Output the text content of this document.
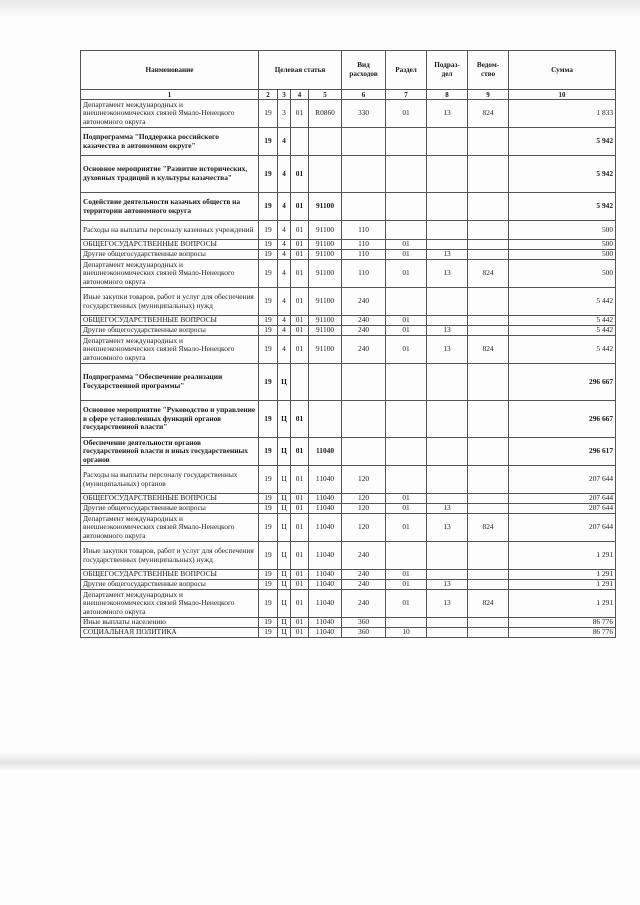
Наименование	Целевая статья				Вид расходов	Раздел	Подраз-дел	Ведом-ство	Сумма
1	2	3	4	5	6	7	8	9	10
Департамент международных и внешнеэкономических связей Ямало-Ненецкого автономного округа	19	3	01	R0860	330	01	13	824	1 833
Подпрограмма "Поддержка российского казачества в автономном округе"	19	4							5 942
Основное мероприятие "Развитие исторических, духовных традиций и культуры казачества"	19	4	01						5 942
Содействие деятельности казачьих обществ на территории автономного округа	19	4	01	91100					5 942
Расходы на выплаты персоналу казенных учреждений	19	4	01	91100	110				500
ОБЩЕГОСУДАРСТВЕННЫЕ ВОПРОСЫ	19	4	01	91100	110	01			500
Другие общегосударственные вопросы	19	4	01	91100	110	01	13		500
Департамент международных и внешнеэкономических связей Ямало-Ненецкого автономного округа	19	4	01	91100	110	01	13	824	500
Иные закупки товаров, работ и услуг для обеспечения государственных (муниципальных) нужд	19	4	01	91100	240				5 442
ОБЩЕГОСУДАРСТВЕННЫЕ ВОПРОСЫ	19	4	01	91100	240	01			5 442
Другие общегосударственные вопросы	19	4	01	91100	240	01	13		5 442
Департамент международных и внешнеэкономических связей Ямало-Ненецкого автономного округа	19	4	01	91100	240	01	13	824	5 442
Подпрограмма "Обеспечение реализации Государственной программы"	19	Ц							296 667
Основное мероприятие "Руководство и управление в сфере установленных функций органов государственной власти"	19	Ц	01						296 667
Обеспечение деятельности органов государственной власти и иных государственных органов	19	Ц	01	11040					296 617
Расходы на выплаты персоналу государственных (муниципальных) органов	19	Ц	01	11040	120				207 644
ОБЩЕГОСУДАРСТВЕННЫЕ ВОПРОСЫ	19	Ц	01	11040	120	01			207 644
Другие общегосударственные вопросы	19	Ц	01	11040	120	01	13		207 644
Департамент международных и внешнеэкономических связей Ямало-Ненецкого автономного округа	19	Ц	01	11040	120	01	13	824	207 644
Иные закупки товаров, работ и услуг для обеспечения государственных (муниципальных) нужд	19	Ц	01	11040	240				1 291
ОБЩЕГОСУДАРСТВЕННЫЕ ВОПРОСЫ	19	Ц	01	11040	240	01			1 291
Другие общегосударственные вопросы	19	Ц	01	11040	240	01	13		1 291
Департамент международных и внешнеэкономических связей Ямало-Ненецкого автономного округа	19	Ц	01	11040	240	01	13	824	1 291
Иные выплаты населению	19	Ц	01	11040	360				86 776
СОЦИАЛЬНАЯ ПОЛИТИКА	19	Ц	01	11040	360	10			86 776
